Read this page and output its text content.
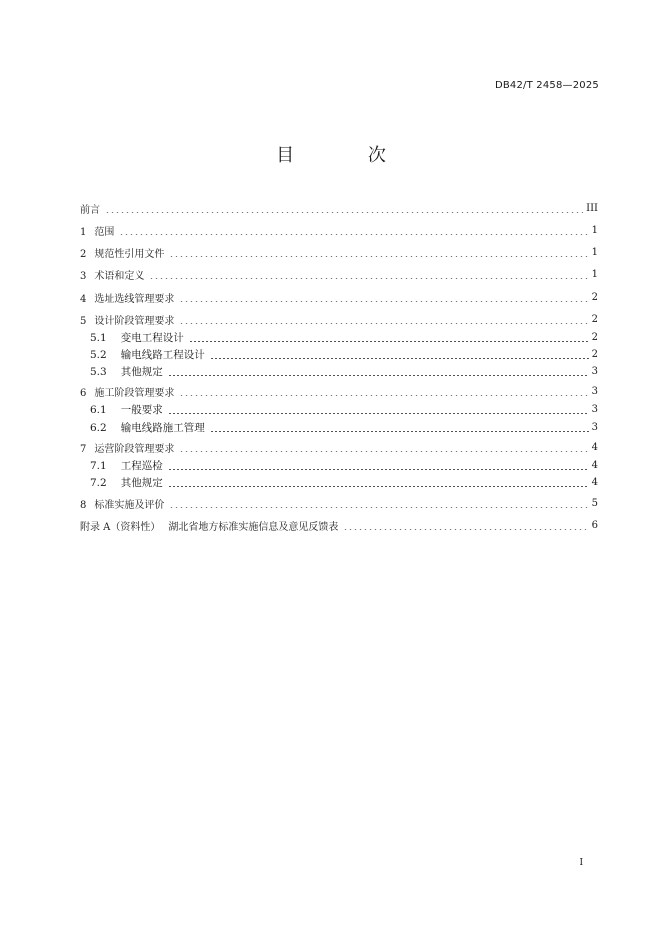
DB42/T 2458—2025
目 次
前言	III
1 范围	1
2 规范性引用文件	1
3 术语和定义	1
4 选址选线管理要求	2
5 设计阶段管理要求	2
5.1 变电工程设计	2
5.2 输电线路工程设计	2
5.3 其他规定	3
6 施工阶段管理要求	3
6.1 一般要求	3
6.2 输电线路施工管理	3
7 运营阶段管理要求	4
7.1 工程巡检	4
7.2 其他规定	4
8 标准实施及评价	5
附录 A（资料性） 湖北省地方标准实施信息及意见反馈表	6
I
